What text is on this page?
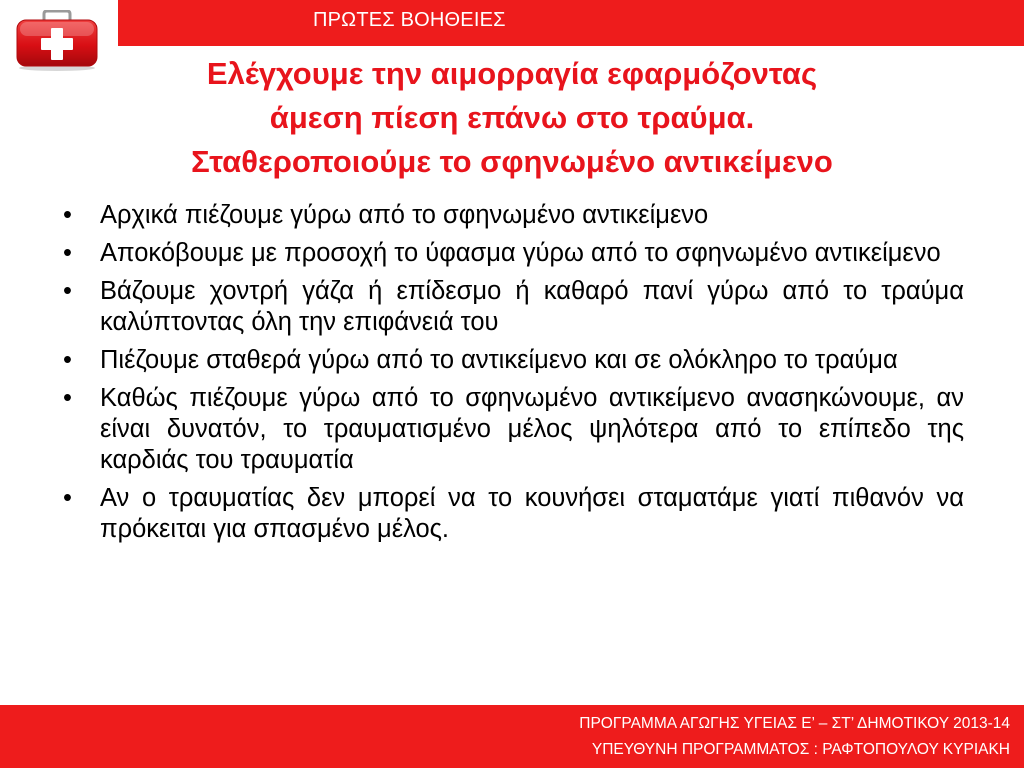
ΠΡΩΤΕΣ ΒΟΗΘΕΙΕΣ
Ελέγχουμε την αιμορραγία εφαρμόζοντας
άμεση πίεση επάνω στο τραύμα.
Σταθεροποιούμε το σφηνωμένο αντικείμενο
•	Αρχικά πιέζουμε γύρω από το σφηνωμένο αντικείμενο
•	Αποκόβουμε με προσοχή το ύφασμα γύρω από το σφηνωμένο αντικείμενο
•	Βάζουμε χοντρή γάζα ή επίδεσμο ή καθαρό πανί γύρω από το τραύμα καλύπτοντας όλη την επιφάνειά του
•	Πιέζουμε σταθερά γύρω από το αντικείμενο και σε ολόκληρο το τραύμα
•	Καθώς πιέζουμε γύρω από το σφηνωμένο αντικείμενο ανασηκώνουμε, αν είναι δυνατόν, το τραυματισμένο μέλος ψηλότερα από το επίπεδο της καρδιάς του τραυματία
•	Αν ο τραυματίας δεν μπορεί να το κουνήσει σταματάμε γιατί πιθανόν να πρόκειται για σπασμένο μέλος.
ΠΡΟΓΡΑΜΜΑ ΑΓΩΓΗΣ ΥΓΕΙΑΣ Ε’ – ΣΤ’ ΔΗΜΟΤΙΚΟΥ 2013-14
ΥΠΕΥΘΥΝΗ ΠΡΟΓΡΑΜΜΑΤΟΣ : ΡΑΦΤΟΠΟΥΛΟΥ ΚΥΡΙΑΚΗ
